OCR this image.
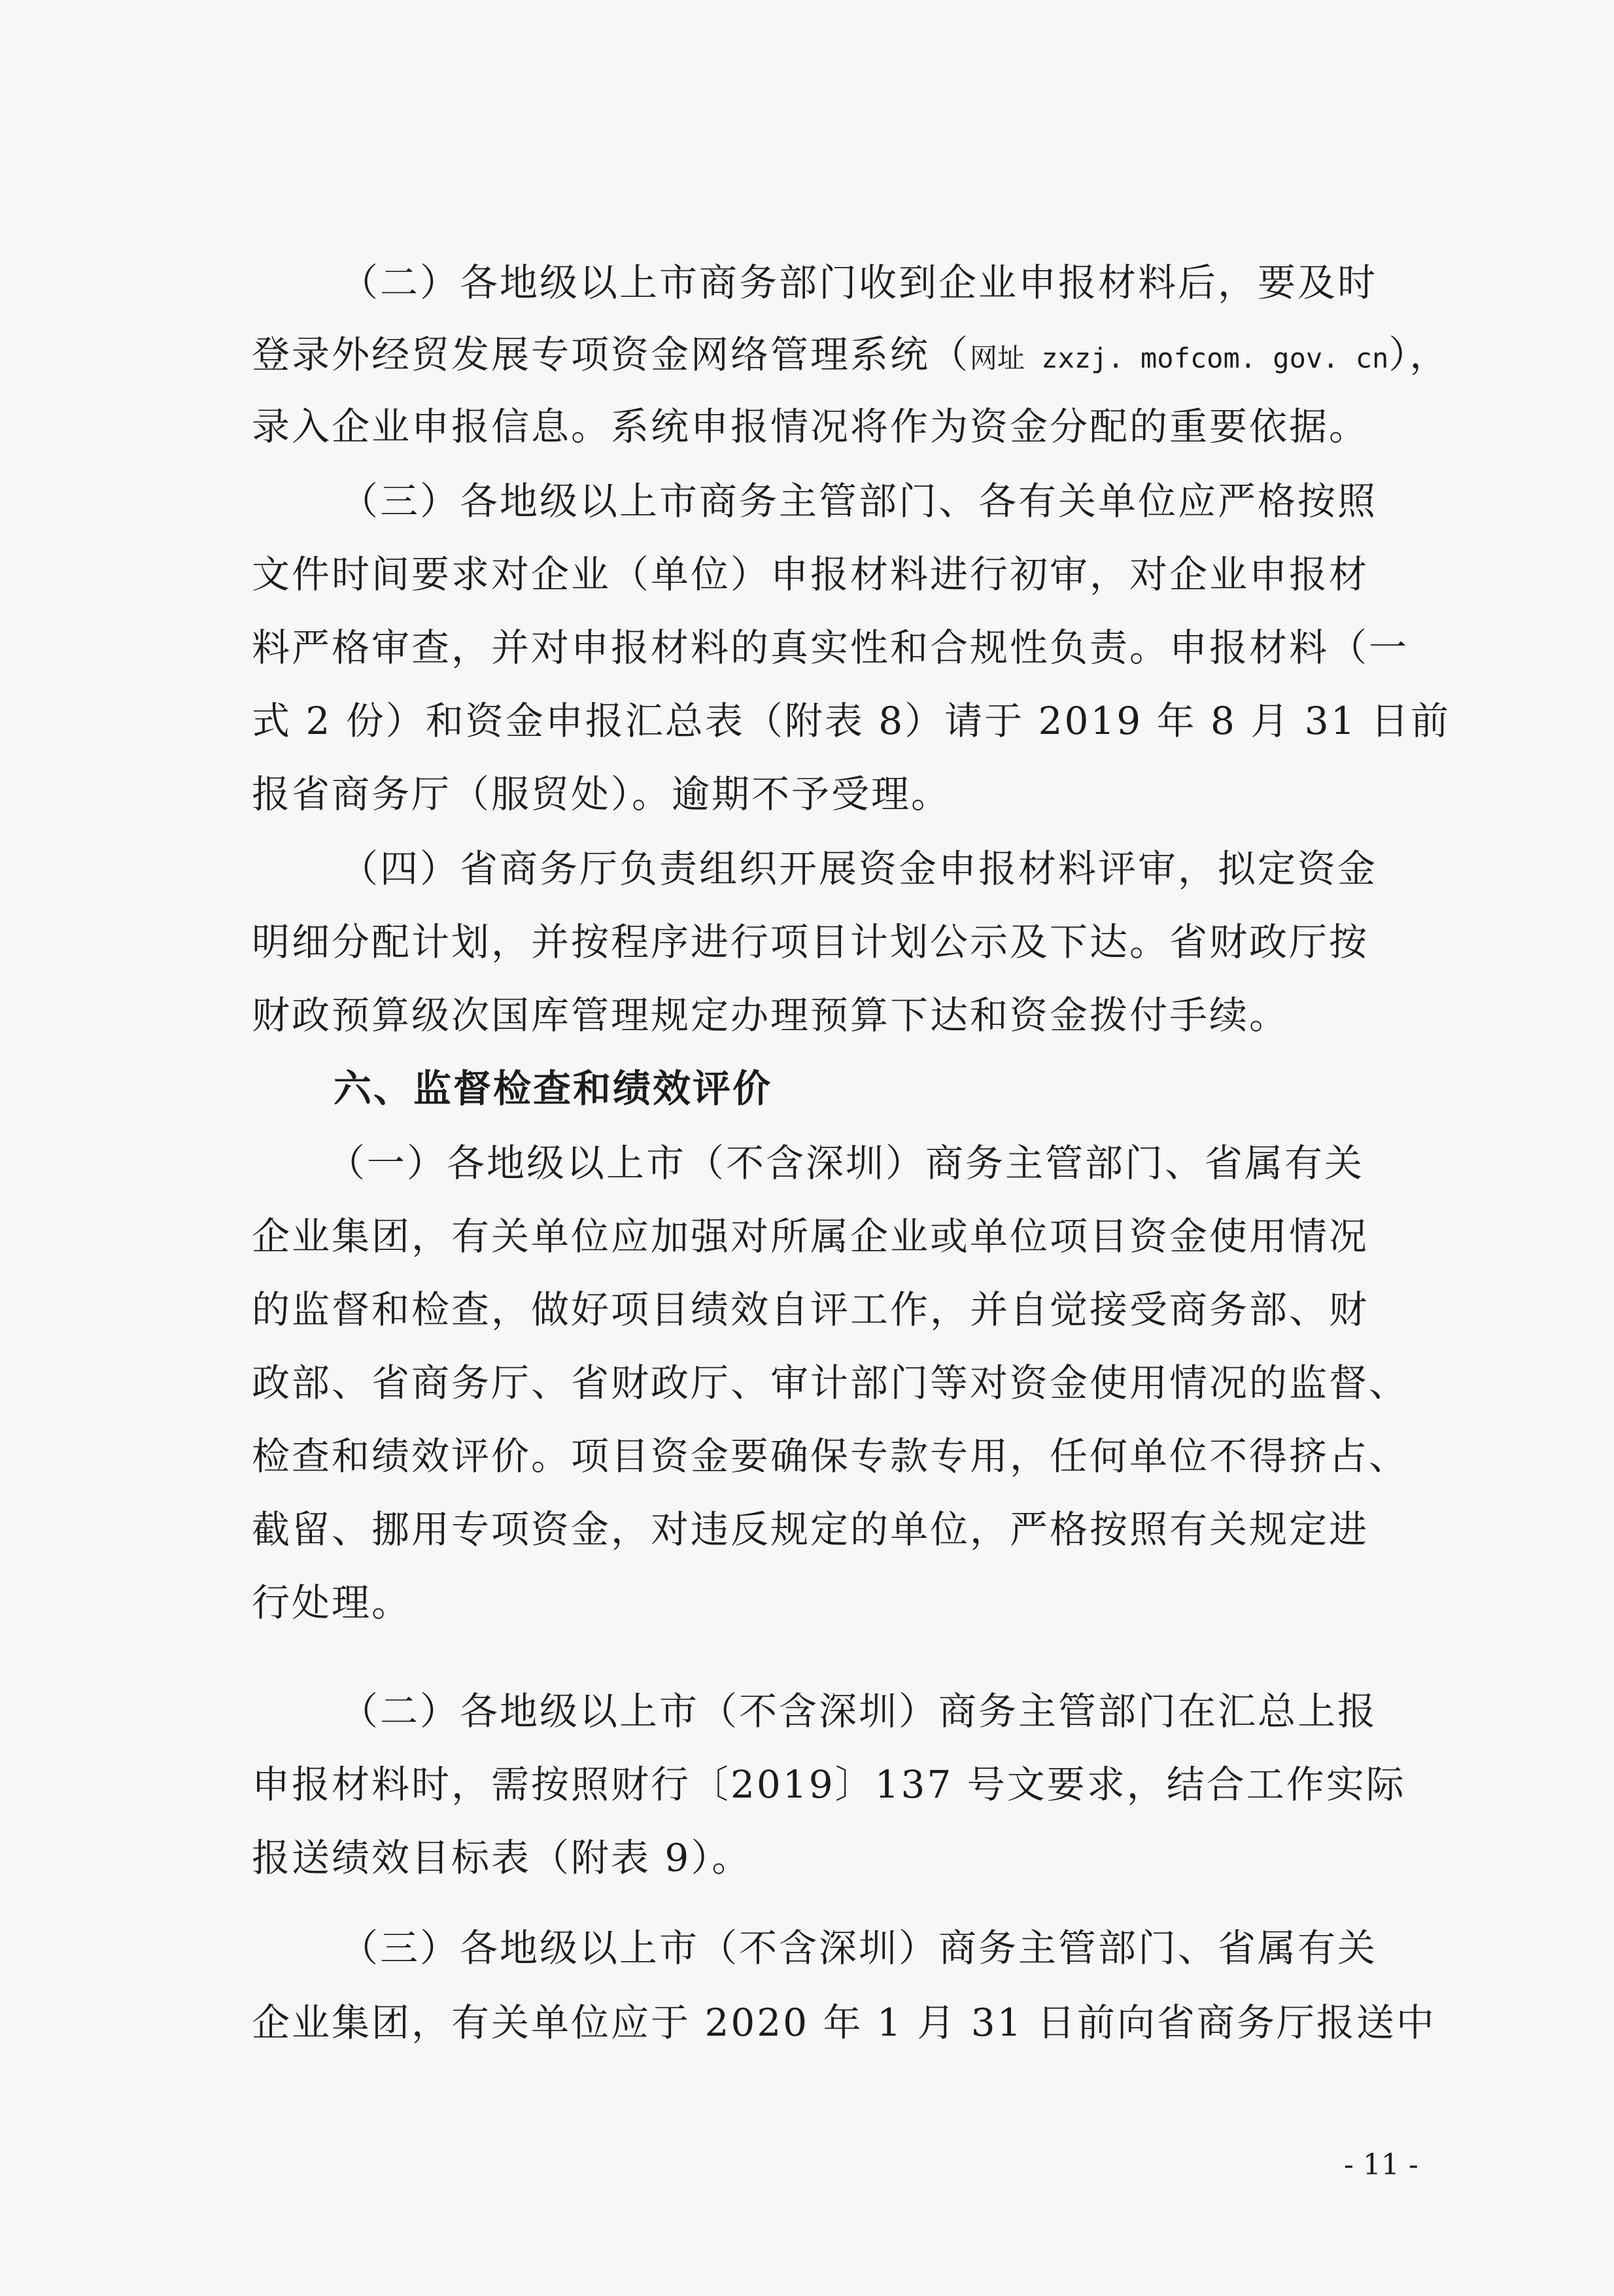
（二）各地级以上市商务部门收到企业申报材料后，要及时
登录外经贸发展专项资金网络管理系统（网址 zxzj. mofcom. gov. cn），
录入企业申报信息。系统申报情况将作为资金分配的重要依据。
（三）各地级以上市商务主管部门、各有关单位应严格按照
文件时间要求对企业（单位）申报材料进行初审，对企业申报材
料严格审查，并对申报材料的真实性和合规性负责。申报材料（一
式 2 份）和资金申报汇总表（附表 8）请于 2019 年 8 月 31 日前
报省商务厅（服贸处）。逾期不予受理。
（四）省商务厅负责组织开展资金申报材料评审，拟定资金
明细分配计划，并按程序进行项目计划公示及下达。省财政厅按
财政预算级次国库管理规定办理预算下达和资金拨付手续。
六、监督检查和绩效评价
（一）各地级以上市（不含深圳）商务主管部门、省属有关
企业集团，有关单位应加强对所属企业或单位项目资金使用情况
的监督和检查，做好项目绩效自评工作，并自觉接受商务部、财
政部、省商务厅、省财政厅、审计部门等对资金使用情况的监督、
检查和绩效评价。项目资金要确保专款专用，任何单位不得挤占、
截留、挪用专项资金，对违反规定的单位，严格按照有关规定进
行处理。
（二）各地级以上市（不含深圳）商务主管部门在汇总上报
申报材料时，需按照财行〔2019〕137 号文要求，结合工作实际
报送绩效目标表（附表 9）。
（三）各地级以上市（不含深圳）商务主管部门、省属有关
企业集团，有关单位应于 2020 年 1 月 31 日前向省商务厅报送中
- 11 -
